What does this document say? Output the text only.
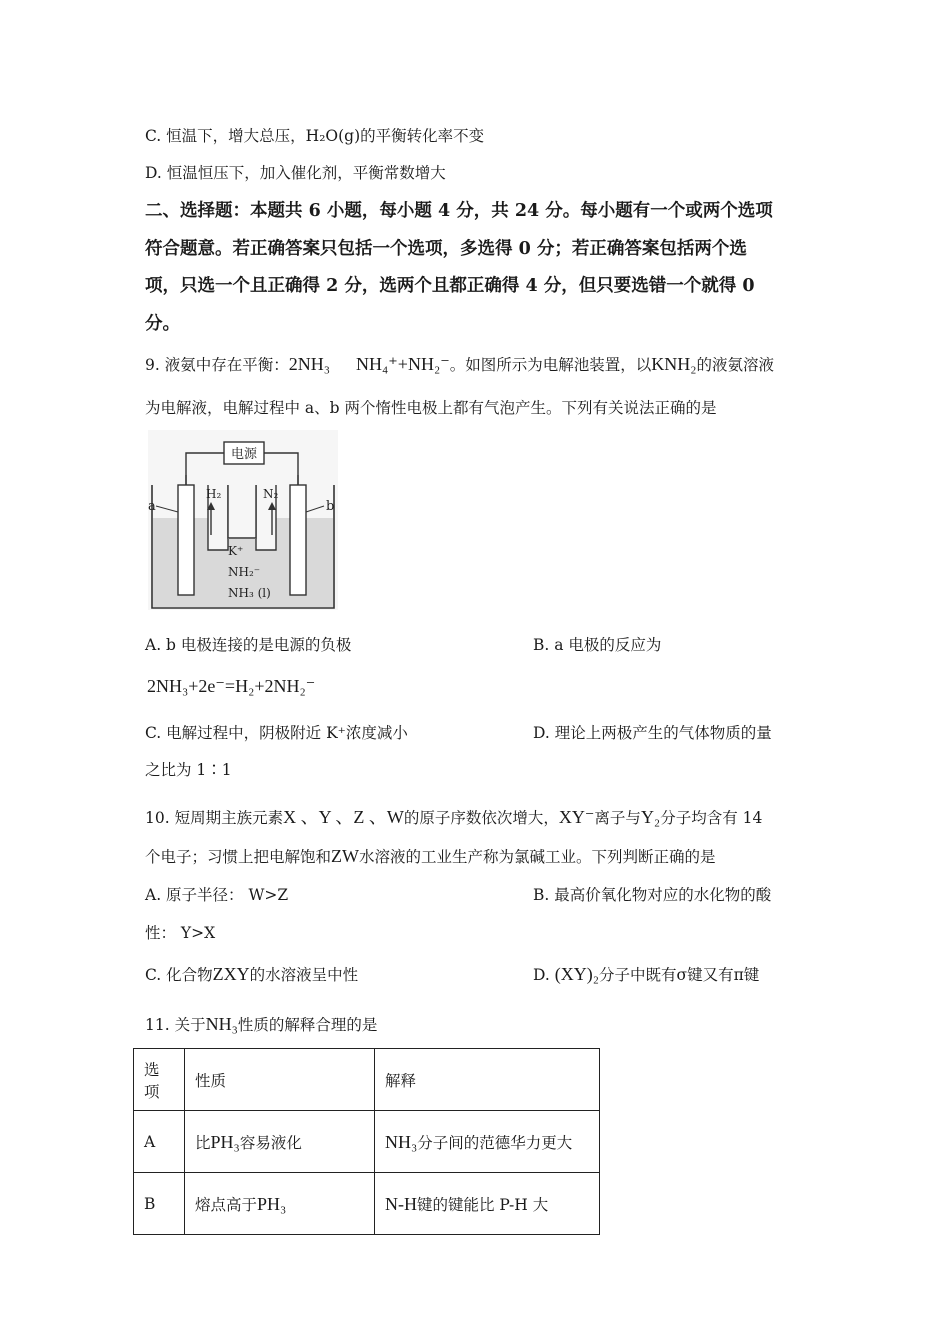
C. 恒温下，增大总压，H₂O(g)的平衡转化率不变
D. 恒温恒压下，加入催化剂，平衡常数增大
二、选择题：本题共 6 小题，每小题 4 分，共 24 分。每小题有一个或两个选项
符合题意。若正确答案只包括一个选项，多选得 0 分；若正确答案包括两个选
项，只选一个且正确得 2 分，选两个且都正确得 4 分，但只要选错一个就得 0
分。
9. 液氨中存在平衡：2NH₃ NH₄⁺+NH₂⁻。如图所示为电解池装置，以KNH₂的液氨溶液
为电解液，电解过程中 a、b 两个惰性电极上都有气泡产生。下列有关说法正确的是
电源
a	b
H₂	N₂
K⁺
NH₂⁻
NH₃ (l)
A. b 电极连接的是电源的负极	B. a 电极的反应为
2NH₃+2e⁻=H₂+2NH₂⁻
C. 电解过程中，阴极附近 K⁺浓度减小	D. 理论上两极产生的气体物质的量
之比为 1∶1
10. 短周期主族元素X 、Y 、Z 、W的原子序数依次增大，XY⁻离子与Y₂分子均含有 14
个电子；习惯上把电解饱和ZW水溶液的工业生产称为氯碱工业。下列判断正确的是
A. 原子半径： W>Z	B. 最高价氧化物对应的水化物的酸
性： Y>X
C. 化合物ZXY的水溶液呈中性	D. (XY)₂分子中既有σ键又有π键
11. 关于NH₃性质的解释合理的是
选项	性质	解释
A	比PH₃容易液化	NH₃分子间的范德华力更大
B	熔点高于PH₃	N-H键的键能比 P-H 大
